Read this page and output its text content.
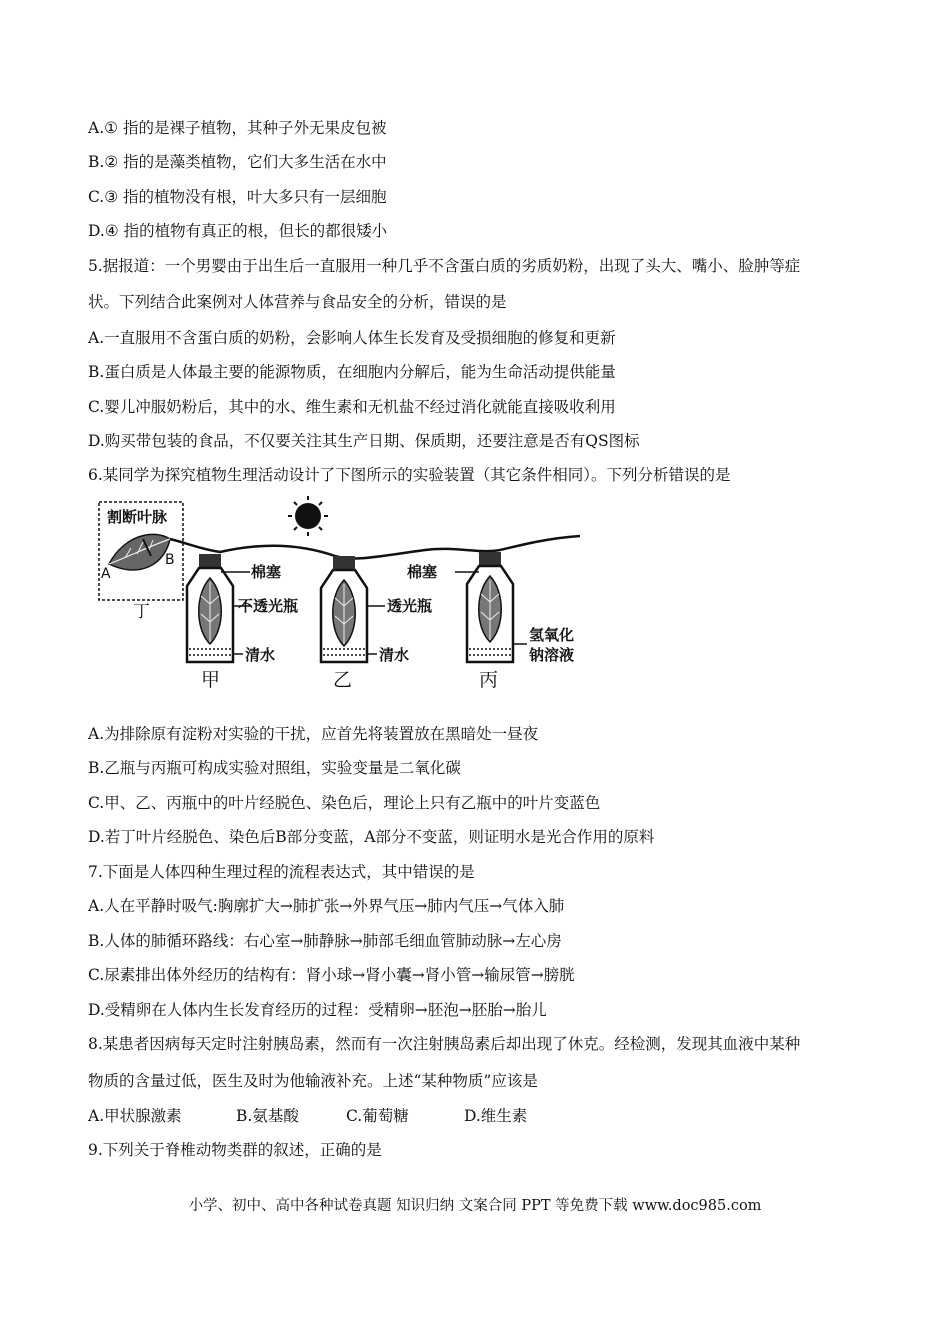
A.① 指的是裸子植物，其种子外无果皮包被
B.② 指的是藻类植物，它们大多生活在水中
C.③ 指的植物没有根，叶大多只有一层细胞
D.④ 指的植物有真正的根，但长的都很矮小
5.据报道：一个男婴由于出生后一直服用一种几乎不含蛋白质的劣质奶粉，出现了头大、嘴小、脸肿等症
状。下列结合此案例对人体营养与食品安全的分析，错误的是
A.一直服用不含蛋白质的奶粉，会影响人体生长发育及受损细胞的修复和更新
B.蛋白质是人体最主要的能源物质，在细胞内分解后，能为生命活动提供能量
C.婴儿冲服奶粉后，其中的水、维生素和无机盐不经过消化就能直接吸收利用
D.购买带包装的食品，不仅要关注其生产日期、保质期，还要注意是否有QS图标
6.某同学为探究植物生理活动设计了下图所示的实验装置（其它条件相同）。下列分析错误的是
割断叶脉
A
B
丁
棉塞
不透光瓶
清水
甲
透光瓶
清水
乙
棉塞
氢氧化
钠溶液
丙
A.为排除原有淀粉对实验的干扰，应首先将装置放在黑暗处一昼夜
B.乙瓶与丙瓶可构成实验对照组，实验变量是二氧化碳
C.甲、乙、丙瓶中的叶片经脱色、染色后，理论上只有乙瓶中的叶片变蓝色
D.若丁叶片经脱色、染色后B部分变蓝，A部分不变蓝，则证明水是光合作用的原料
7.下面是人体四种生理过程的流程表达式，其中错误的是
A.人在平静时吸气:胸廓扩大→肺扩张→外界气压→肺内气压→气体入肺
B.人体的肺循环路线：右心室→肺静脉→肺部毛细血管肺动脉→左心房
C.尿素排出体外经历的结构有：肾小球→肾小囊→肾小管→输尿管→膀胱
D.受精卵在人体内生长发育经历的过程：受精卵→胚泡→胚胎→胎儿
8.某患者因病每天定时注射胰岛素，然而有一次注射胰岛素后却出现了休克。经检测，发现其血液中某种
物质的含量过低，医生及时为他输液补充。上述“某种物质”应该是
A.甲状腺激素	B.氨基酸	C.葡萄糖	D.维生素
9.下列关于脊椎动物类群的叙述，正确的是
小学、初中、高中各种试卷真题 知识归纳 文案合同 PPT 等免费下载 www.doc985.com
